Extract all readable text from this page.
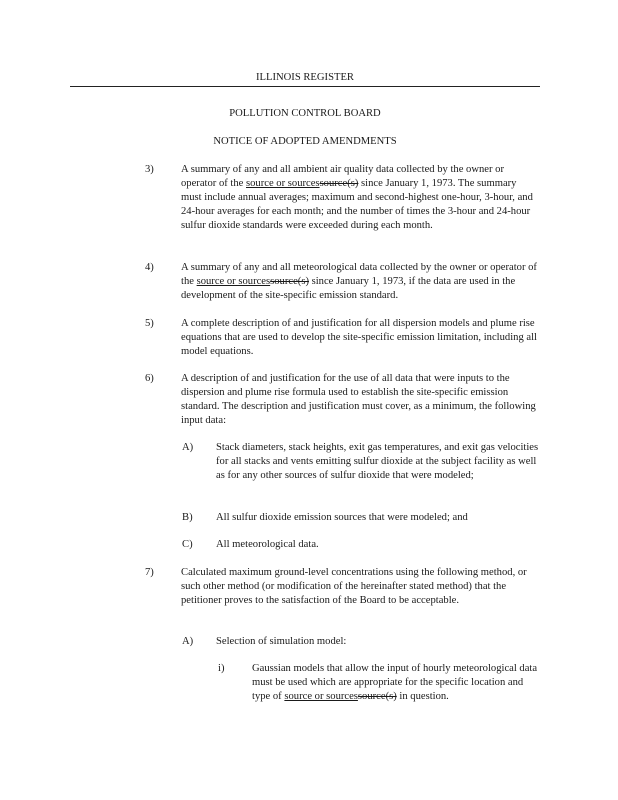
ILLINOIS REGISTER
POLLUTION CONTROL BOARD
NOTICE OF ADOPTED AMENDMENTS
3)	A summary of any and all ambient air quality data collected by the owner or operator of the source or sourcessource(s) since January 1, 1973. The summary must include annual averages; maximum and second-highest one-hour, 3-hour, and 24-hour averages for each month; and the number of times the 3-hour and 24-hour sulfur dioxide standards were exceeded during each month.
4)	A summary of any and all meteorological data collected by the owner or operator of the source or sourcessource(s) since January 1, 1973, if the data are used in the development of the site-specific emission standard.
5)	A complete description of and justification for all dispersion models and plume rise equations that are used to develop the site-specific emission limitation, including all model equations.
6)	A description of and justification for the use of all data that were inputs to the dispersion and plume rise formula used to establish the site-specific emission standard. The description and justification must cover, as a minimum, the following input data:
A) Stack diameters, stack heights, exit gas temperatures, and exit gas velocities for all stacks and vents emitting sulfur dioxide at the subject facility as well as for any other sources of sulfur dioxide that were modeled;
B) All sulfur dioxide emission sources that were modeled; and
C) All meteorological data.
7)	Calculated maximum ground-level concentrations using the following method, or such other method (or modification of the hereinafter stated method) that the petitioner proves to the satisfaction of the Board to be acceptable.
A) Selection of simulation model:
i)	Gaussian models that allow the input of hourly meteorological data must be used which are appropriate for the specific location and type of source or sourcessource(s) in question.
